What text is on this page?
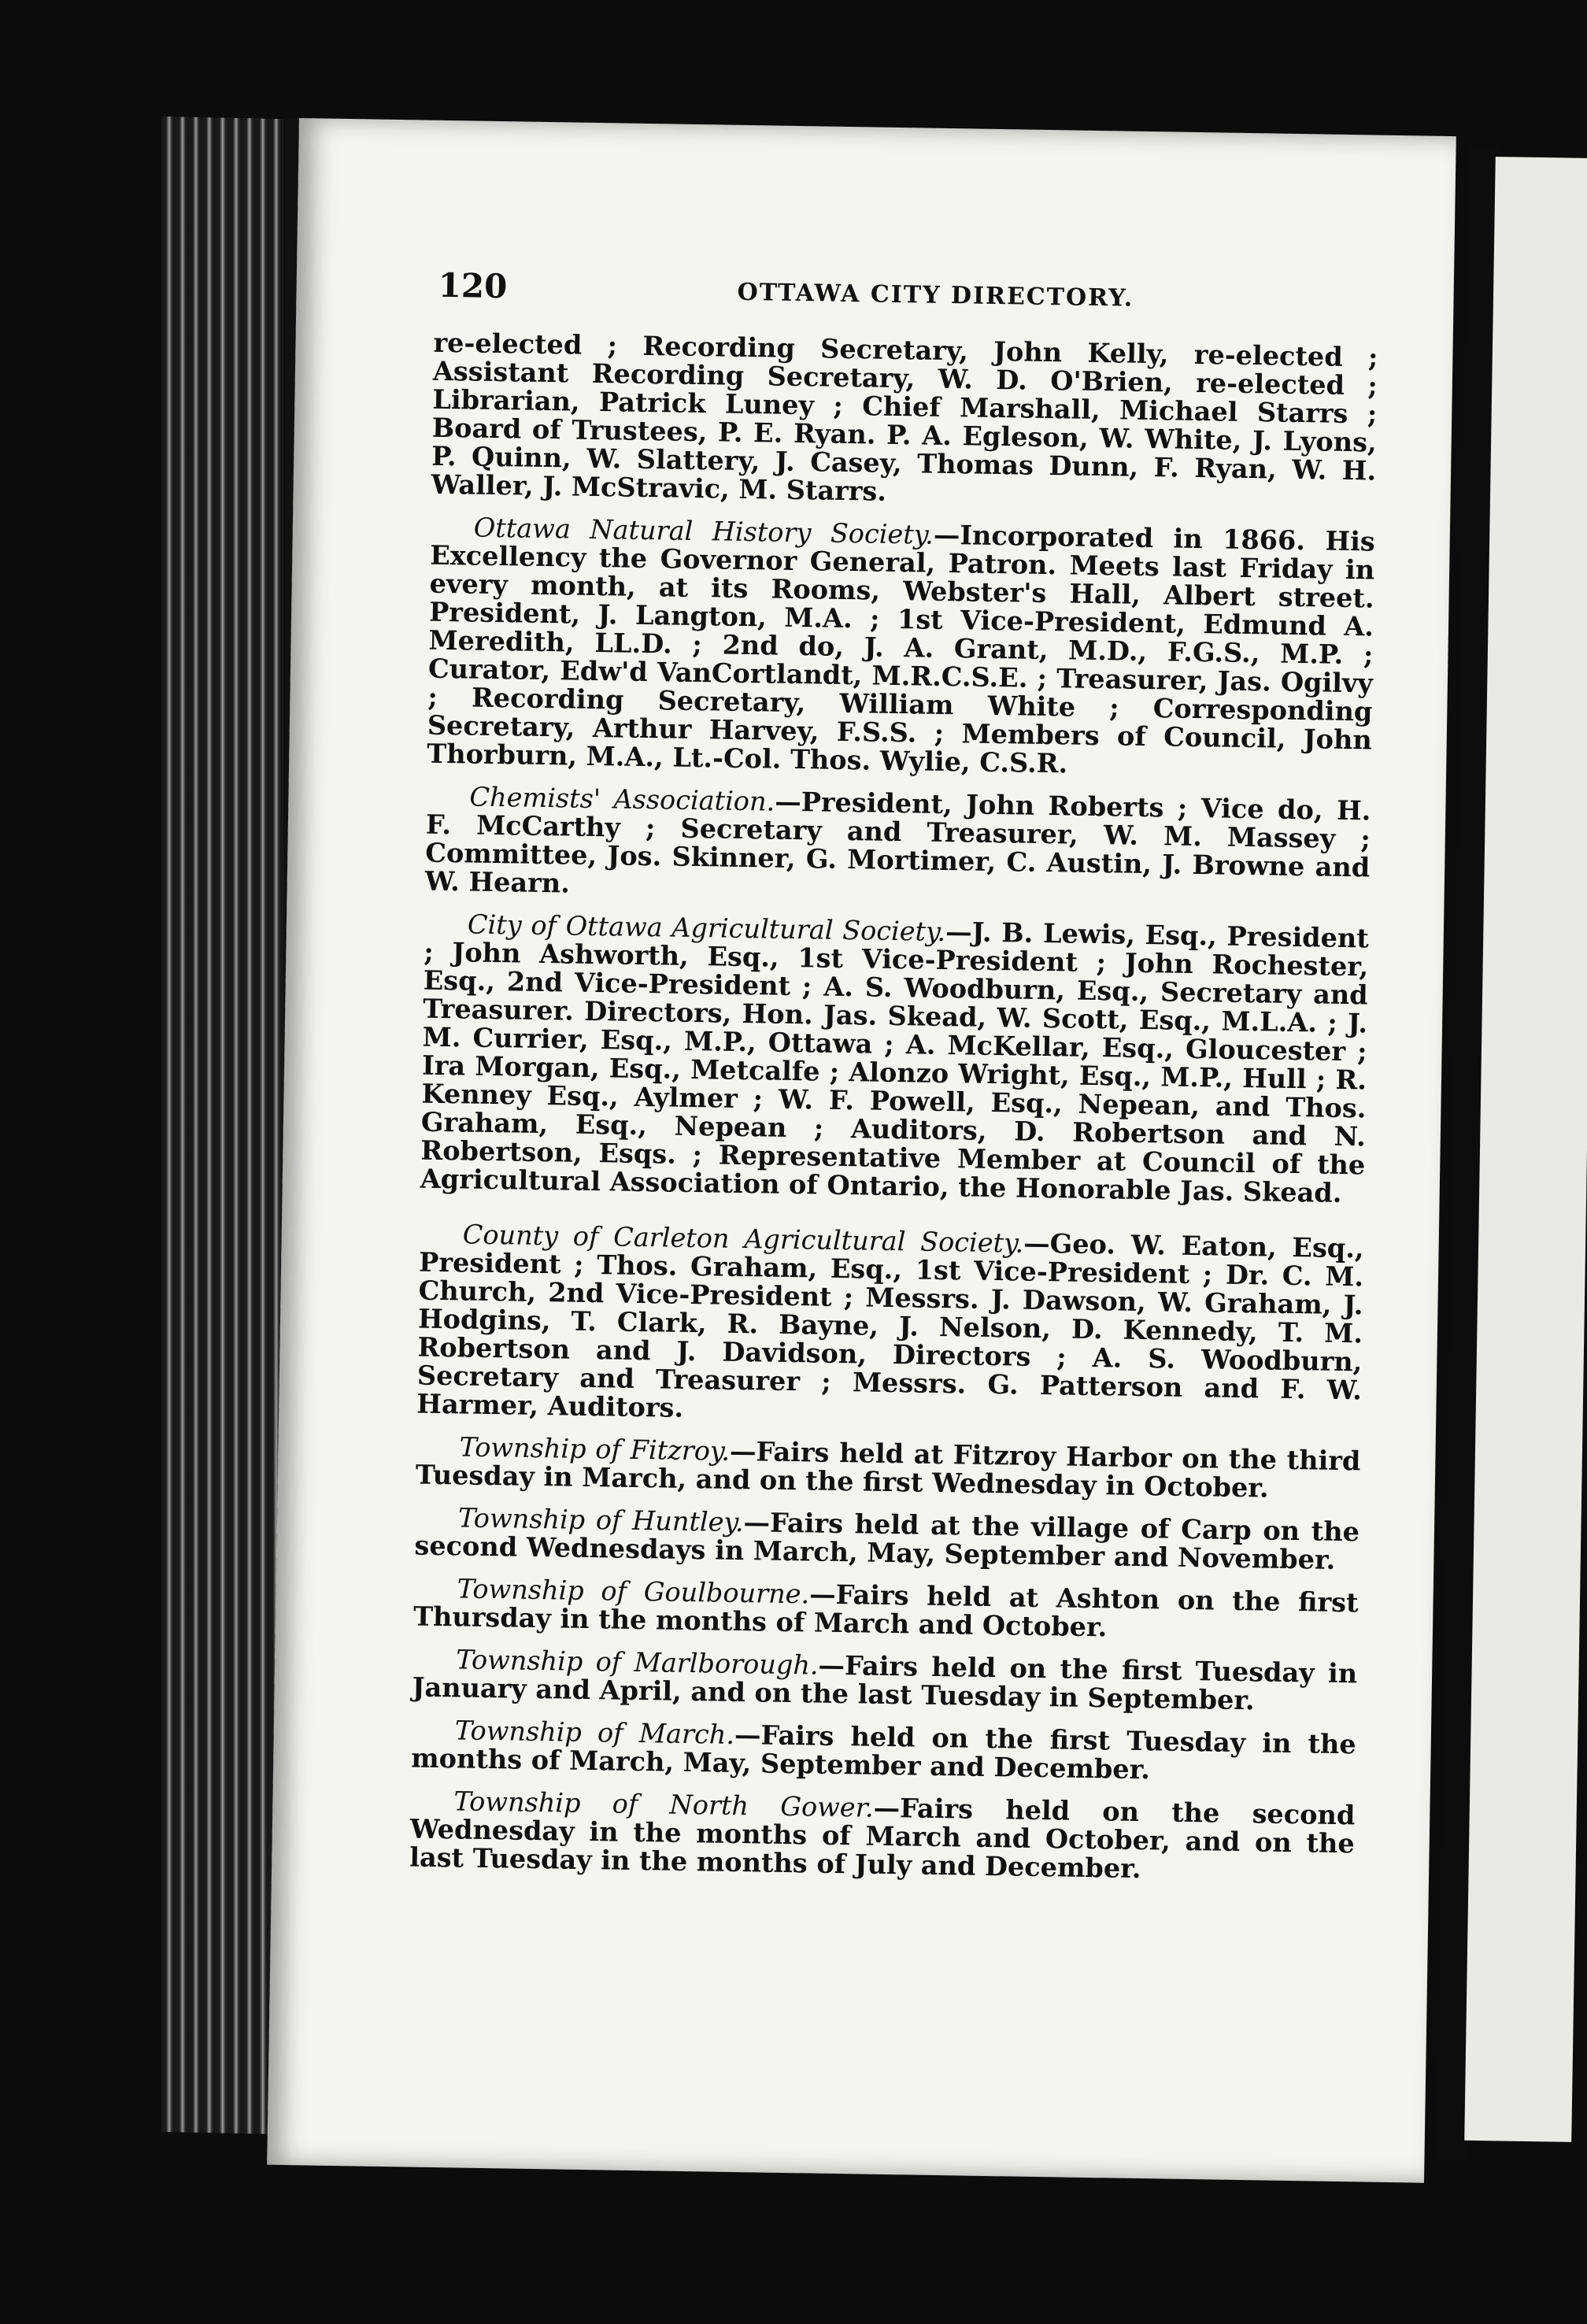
120	OTTAWA CITY DIRECTORY.

re-elected ; Recording Secretary, John Kelly, re-elected ; Assistant Recording Secretary, W. D. O'Brien, re-elected ; Librarian, Patrick Luney ; Chief Marshall, Michael Starrs ; Board of Trustees, P. E. Ryan. P. A. Egleson, W. White, J. Lyons, P. Quinn, W. Slattery, J. Casey, Thomas Dunn, F. Ryan, W. H. Waller, J. McStravic, M. Starrs.

Ottawa Natural History Society.—Incorporated in 1866. His Excellency the Governor General, Patron. Meets last Friday in every month, at its Rooms, Webster's Hall, Albert street. President, J. Langton, M.A. ; 1st Vice-President, Edmund A. Meredith, LL.D. ; 2nd do, J. A. Grant, M.D., F.G.S., M.P. ; Curator, Edw'd VanCortlandt, M.R.C.S.E. ; Treasurer, Jas. Ogilvy ; Recording Secretary, William White ; Corresponding Secretary, Arthur Harvey, F.S.S. ; Members of Council, John Thorburn, M.A., Lt.-Col. Thos. Wylie, C.S.R.

Chemists' Association.—President, John Roberts ; Vice do, H. F. McCarthy ; Secretary and Treasurer, W. M. Massey ; Committee, Jos. Skinner, G. Mortimer, C. Austin, J. Browne and W. Hearn.

City of Ottawa Agricultural Society.—J. B. Lewis, Esq., President ; John Ashworth, Esq., 1st Vice-President ; John Rochester, Esq., 2nd Vice-President ; A. S. Woodburn, Esq., Secretary and Treasurer. Directors, Hon. Jas. Skead, W. Scott, Esq., M.L.A. ; J. M. Currier, Esq., M.P., Ottawa ; A. McKellar, Esq., Gloucester ; Ira Morgan, Esq., Metcalfe ; Alonzo Wright, Esq., M.P., Hull ; R. Kenney Esq., Aylmer ; W. F. Powell, Esq., Nepean, and Thos. Graham, Esq., Nepean ; Auditors, D. Robertson and N. Robertson, Esqs. ; Representative Member at Council of the Agricultural Association of Ontario, the Honorable Jas. Skead.

County of Carleton Agricultural Society.—Geo. W. Eaton, Esq., President ; Thos. Graham, Esq., 1st Vice-President ; Dr. C. M. Church, 2nd Vice-President ; Messrs. J. Dawson, W. Graham, J. Hodgins, T. Clark, R. Bayne, J. Nelson, D. Kennedy, T. M. Robertson and J. Davidson, Directors ; A. S. Woodburn, Secretary and Treasurer ; Messrs. G. Patterson and F. W. Harmer, Auditors.

Township of Fitzroy.—Fairs held at Fitzroy Harbor on the third Tuesday in March, and on the first Wednesday in October.

Township of Huntley.—Fairs held at the village of Carp on the second Wednesdays in March, May, September and November.

Township of Goulbourne.—Fairs held at Ashton on the first Thursday in the months of March and October.

Township of Marlborough.—Fairs held on the first Tuesday in January and April, and on the last Tuesday in September.

Township of March.—Fairs held on the first Tuesday in the months of March, May, September and December.

Township of North Gower.—Fairs held on the second Wednesday in the months of March and October, and on the last Tuesday in the months of July and December.
